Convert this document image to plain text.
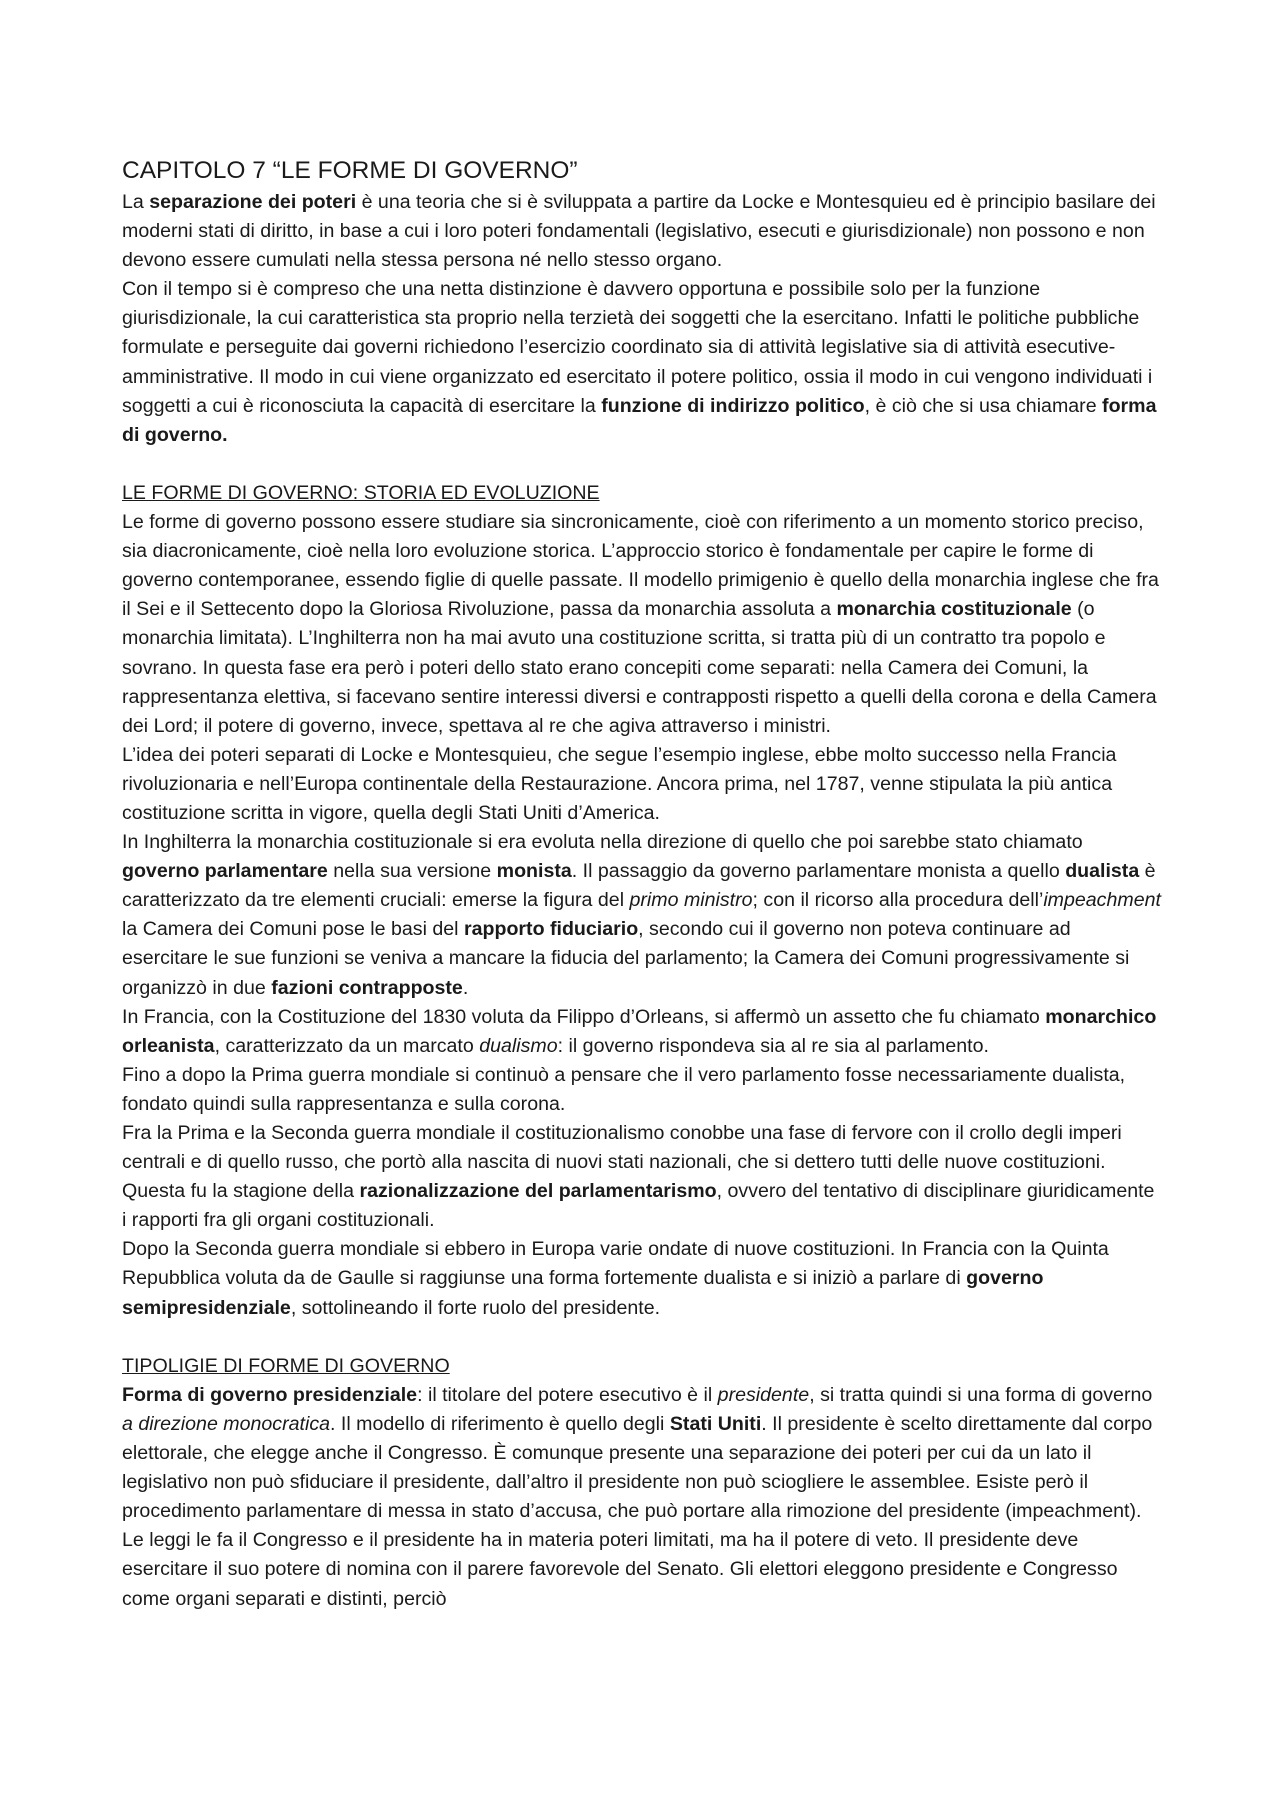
CAPITOLO 7 “LE FORME DI GOVERNO”

La separazione dei poteri è una teoria che si è sviluppata a partire da Locke e Montesquieu ed è principio basilare dei moderni stati di diritto, in base a cui i loro poteri fondamentali (legislativo, esecuti e giurisdizionale) non possono e non devono essere cumulati nella stessa persona né nello stesso organo.

Con il tempo si è compreso che una netta distinzione è davvero opportuna e possibile solo per la funzione giurisdizionale, la cui caratteristica sta proprio nella terzietà dei soggetti che la esercitano. Infatti le politiche pubbliche formulate e perseguite dai governi richiedono l’esercizio coordinato sia di attività legislative sia di attività esecutive-amministrative. Il modo in cui viene organizzato ed esercitato il potere politico, ossia il modo in cui vengono individuati i soggetti a cui è riconosciuta la capacità di esercitare la funzione di indirizzo politico, è ciò che si usa chiamare forma di governo.

LE FORME DI GOVERNO: STORIA ED EVOLUZIONE

Le forme di governo possono essere studiare sia sincronicamente, cioè con riferimento a un momento storico preciso, sia diacronicamente, cioè nella loro evoluzione storica. L’approccio storico è fondamentale per capire le forme di governo contemporanee, essendo figlie di quelle passate. Il modello primigenio è quello della monarchia inglese che fra il Sei e il Settecento dopo la Gloriosa Rivoluzione, passa da monarchia assoluta a monarchia costituzionale (o monarchia limitata). L’Inghilterra non ha mai avuto una costituzione scritta, si tratta più di un contratto tra popolo e sovrano. In questa fase era però i poteri dello stato erano concepiti come separati: nella Camera dei Comuni, la rappresentanza elettiva, si facevano sentire interessi diversi e contrapposti rispetto a quelli della corona e della Camera dei Lord; il potere di governo, invece, spettava al re che agiva attraverso i ministri.

L’idea dei poteri separati di Locke e Montesquieu, che segue l’esempio inglese, ebbe molto successo nella Francia rivoluzionaria e nell’Europa continentale della Restaurazione. Ancora prima, nel 1787, venne stipulata la più antica costituzione scritta in vigore, quella degli Stati Uniti d’America.

In Inghilterra la monarchia costituzionale si era evoluta nella direzione di quello che poi sarebbe stato chiamato governo parlamentare nella sua versione monista. Il passaggio da governo parlamentare monista a quello dualista è caratterizzato da tre elementi cruciali: emerse la figura del primo ministro; con il ricorso alla procedura dell’impeachment la Camera dei Comuni pose le basi del rapporto fiduciario, secondo cui il governo non poteva continuare ad esercitare le sue funzioni se veniva a mancare la fiducia del parlamento; la Camera dei Comuni progressivamente si organizzò in due fazioni contrapposte.

In Francia, con la Costituzione del 1830 voluta da Filippo d’Orleans, si affermò un assetto che fu chiamato monarchico orleanista, caratterizzato da un marcato dualismo: il governo rispondeva sia al re sia al parlamento.

Fino a dopo la Prima guerra mondiale si continuò a pensare che il vero parlamento fosse necessariamente dualista, fondato quindi sulla rappresentanza e sulla corona.

Fra la Prima e la Seconda guerra mondiale il costituzionalismo conobbe una fase di fervore con il crollo degli imperi centrali e di quello russo, che portò alla nascita di nuovi stati nazionali, che si dettero tutti delle nuove costituzioni. Questa fu la stagione della razionalizzazione del parlamentarismo, ovvero del tentativo di disciplinare giuridicamente i rapporti fra gli organi costituzionali.

Dopo la Seconda guerra mondiale si ebbero in Europa varie ondate di nuove costituzioni. In Francia con la Quinta Repubblica voluta da de Gaulle si raggiunse una forma fortemente dualista e si iniziò a parlare di governo semipresidenziale, sottolineando il forte ruolo del presidente.

TIPOLIGIE DI FORME DI GOVERNO

Forma di governo presidenziale: il titolare del potere esecutivo è il presidente, si tratta quindi si una forma di governo a direzione monocratica. Il modello di riferimento è quello degli Stati Uniti. Il presidente è scelto direttamente dal corpo elettorale, che elegge anche il Congresso. È comunque presente una separazione dei poteri per cui da un lato il legislativo non può sfiduciare il presidente, dall’altro il presidente non può sciogliere le assemblee. Esiste però il procedimento parlamentare di messa in stato d’accusa, che può portare alla rimozione del presidente (impeachment). Le leggi le fa il Congresso e il presidente ha in materia poteri limitati, ma ha il potere di veto. Il presidente deve esercitare il suo potere di nomina con il parere favorevole del Senato. Gli elettori eleggono presidente e Congresso come organi separati e distinti, perciò
